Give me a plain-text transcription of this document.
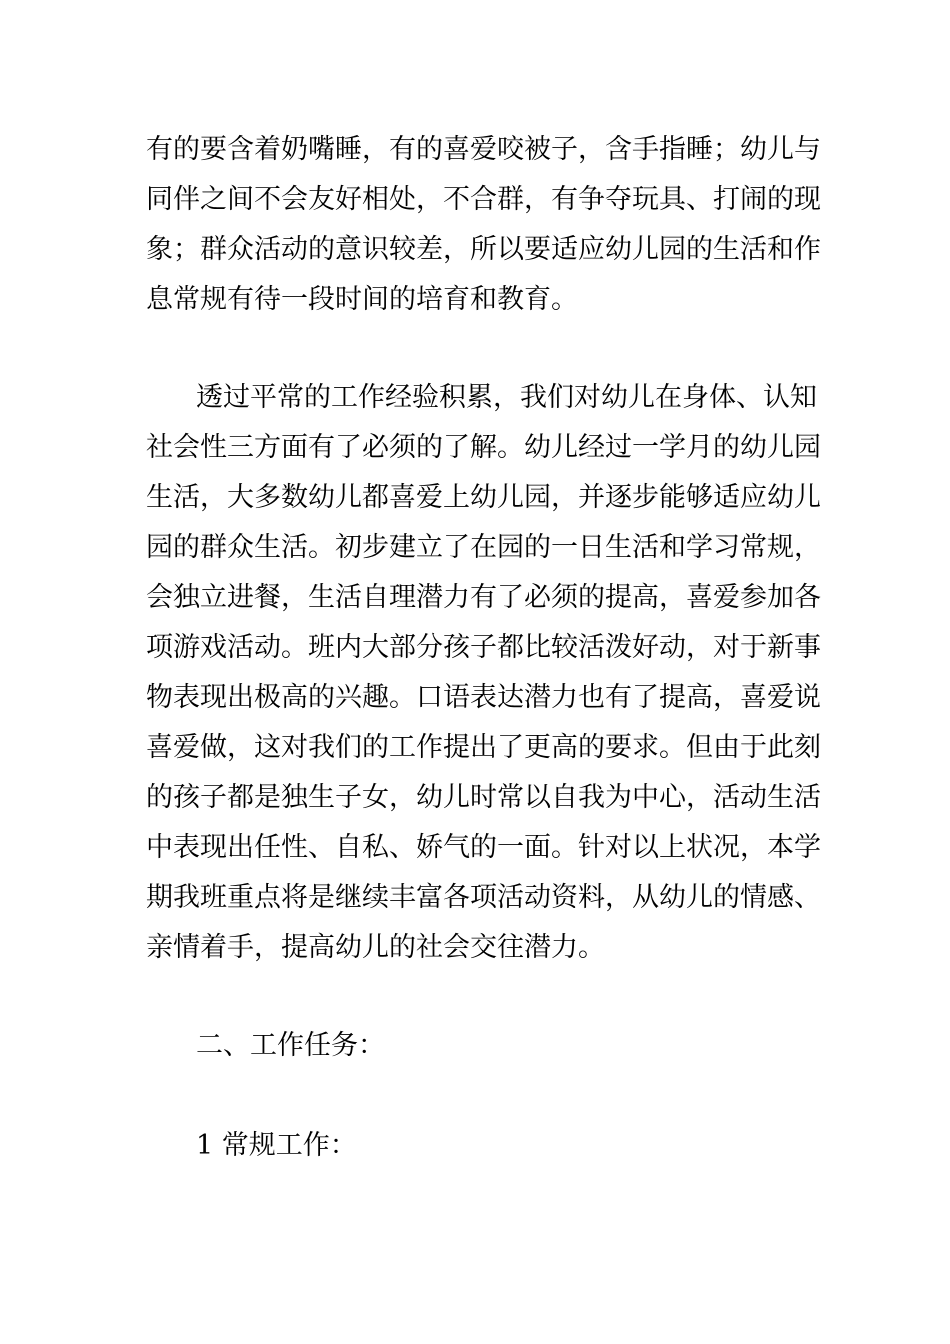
有的要含着奶嘴睡，有的喜爱咬被子，含手指睡；幼儿与
同伴之间不会友好相处，不合群，有争夺玩具、打闹的现
象；群众活动的意识较差，所以要适应幼儿园的生活和作
息常规有待一段时间的培育和教育。
透过平常的工作经验积累，我们对幼儿在身体、认知
社会性三方面有了必须的了解。幼儿经过一学月的幼儿园
生活，大多数幼儿都喜爱上幼儿园，并逐步能够适应幼儿
园的群众生活。初步建立了在园的一日生活和学习常规，
会独立进餐，生活自理潜力有了必须的提高，喜爱参加各
项游戏活动。班内大部分孩子都比较活泼好动，对于新事
物表现出极高的兴趣。口语表达潜力也有了提高，喜爱说
喜爱做，这对我们的工作提出了更高的要求。但由于此刻
的孩子都是独生子女，幼儿时常以自我为中心，活动生活
中表现出任性、自私、娇气的一面。针对以上状况，本学
期我班重点将是继续丰富各项活动资料，从幼儿的情感、
亲情着手，提高幼儿的社会交往潜力。
二、工作任务：
1 常规工作：
